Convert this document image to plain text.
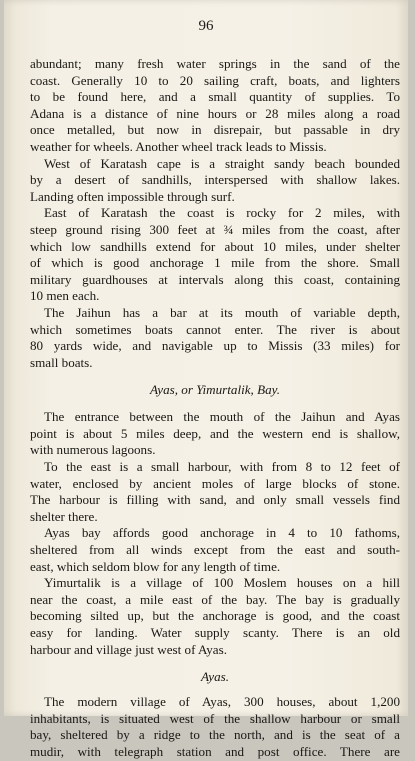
96
abundant; many fresh water springs in the sand of the
coast. Generally 10 to 20 sailing craft, boats, and lighters
to be found here, and a small quantity of supplies. To
Adana is a distance of nine hours or 28 miles along a road
once metalled, but now in disrepair, but passable in dry
weather for wheels. Another wheel track leads to Missis.
West of Karatash cape is a straight sandy beach bounded
by a desert of sandhills, interspersed with shallow lakes.
Landing often impossible through surf.
East of Karatash the coast is rocky for 2 miles, with
steep ground rising 300 feet at ¾ miles from the coast, after
which low sandhills extend for about 10 miles, under shelter
of which is good anchorage 1 mile from the shore. Small
military guardhouses at intervals along this coast, containing
10 men each.
The Jaihun has a bar at its mouth of variable depth,
which sometimes boats cannot enter. The river is about
80 yards wide, and navigable up to Missis (33 miles) for
small boats.
Ayas, or Yimurtalik, Bay.
The entrance between the mouth of the Jaihun and Ayas
point is about 5 miles deep, and the western end is shallow,
with numerous lagoons.
To the east is a small harbour, with from 8 to 12 feet of
water, enclosed by ancient moles of large blocks of stone.
The harbour is filling with sand, and only small vessels find
shelter there.
Ayas bay affords good anchorage in 4 to 10 fathoms,
sheltered from all winds except from the east and south-
east, which seldom blow for any length of time.
Yimurtalik is a village of 100 Moslem houses on a hill
near the coast, a mile east of the bay. The bay is gradually
becoming silted up, but the anchorage is good, and the coast
easy for landing. Water supply scanty. There is an old
harbour and village just west of Ayas.
Ayas.
The modern village of Ayas, 300 houses, about 1,200
inhabitants, is situated west of the shallow harbour or small
bay, sheltered by a ridge to the north, and is the seat of a
mudir, with telegraph station and post office. There are
